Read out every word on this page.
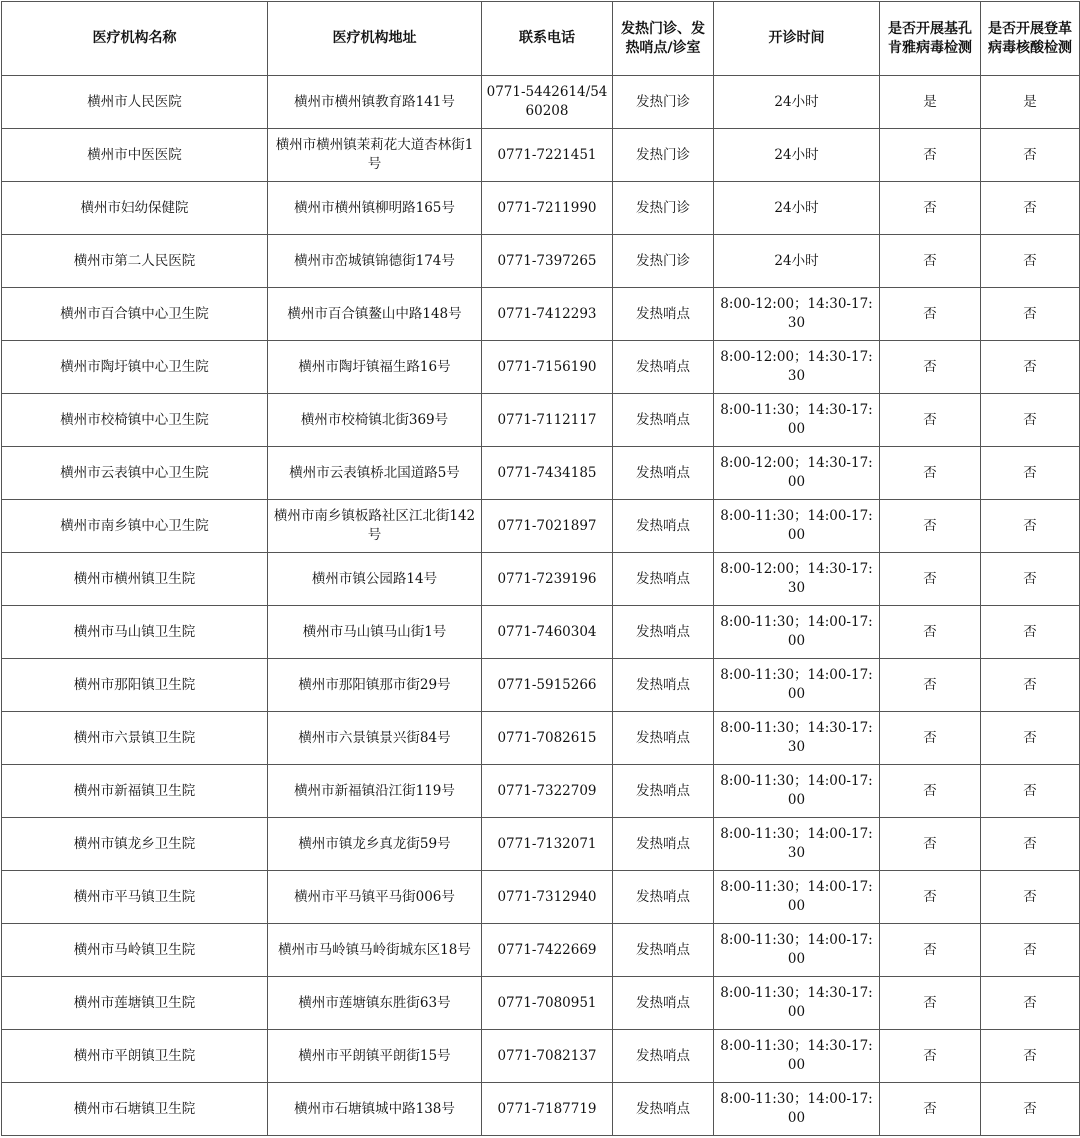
医疗机构名称	医疗机构地址	联系电话	发热门诊、发热哨点/诊室	开诊时间	是否开展基孔肯雅病毒检测	是否开展登革病毒核酸检测
横州市人民医院	横州市横州镇教育路141号	0771-5442614/5460208	发热门诊	24小时	是	是
横州市中医医院	横州市横州镇茉莉花大道杏林街1号	0771-7221451	发热门诊	24小时	否	否
横州市妇幼保健院	横州市横州镇柳明路165号	0771-7211990	发热门诊	24小时	否	否
横州市第二人民医院	横州市峦城镇锦德街174号	0771-7397265	发热门诊	24小时	否	否
横州市百合镇中心卫生院	横州市百合镇鳌山中路148号	0771-7412293	发热哨点	8:00-12:00；14:30-17:30	否	否
横州市陶圩镇中心卫生院	横州市陶圩镇福生路16号	0771-7156190	发热哨点	8:00-12:00；14:30-17:30	否	否
横州市校椅镇中心卫生院	横州市校椅镇北街369号	0771-7112117	发热哨点	8:00-11:30；14:30-17:00	否	否
横州市云表镇中心卫生院	横州市云表镇桥北国道路5号	0771-7434185	发热哨点	8:00-12:00；14:30-17:00	否	否
横州市南乡镇中心卫生院	横州市南乡镇板路社区江北街142号	0771-7021897	发热哨点	8:00-11:30；14:00-17:00	否	否
横州市横州镇卫生院	横州市镇公园路14号	0771-7239196	发热哨点	8:00-12:00；14:30-17:30	否	否
横州市马山镇卫生院	横州市马山镇马山街1号	0771-7460304	发热哨点	8:00-11:30；14:00-17:00	否	否
横州市那阳镇卫生院	横州市那阳镇那市街29号	0771-5915266	发热哨点	8:00-11:30；14:00-17:00	否	否
横州市六景镇卫生院	横州市六景镇景兴街84号	0771-7082615	发热哨点	8:00-11:30；14:30-17:30	否	否
横州市新福镇卫生院	横州市新福镇沿江街119号	0771-7322709	发热哨点	8:00-11:30；14:00-17:00	否	否
横州市镇龙乡卫生院	横州市镇龙乡真龙街59号	0771-7132071	发热哨点	8:00-11:30；14:00-17:30	否	否
横州市平马镇卫生院	横州市平马镇平马街006号	0771-7312940	发热哨点	8:00-11:30；14:00-17:00	否	否
横州市马岭镇卫生院	横州市马岭镇马岭街城东区18号	0771-7422669	发热哨点	8:00-11:30；14:00-17:00	否	否
横州市莲塘镇卫生院	横州市莲塘镇东胜街63号	0771-7080951	发热哨点	8:00-11:30；14:30-17:00	否	否
横州市平朗镇卫生院	横州市平朗镇平朗街15号	0771-7082137	发热哨点	8:00-11:30；14:30-17:00	否	否
横州市石塘镇卫生院	横州市石塘镇城中路138号	0771-7187719	发热哨点	8:00-11:30；14:00-17:00	否	否
